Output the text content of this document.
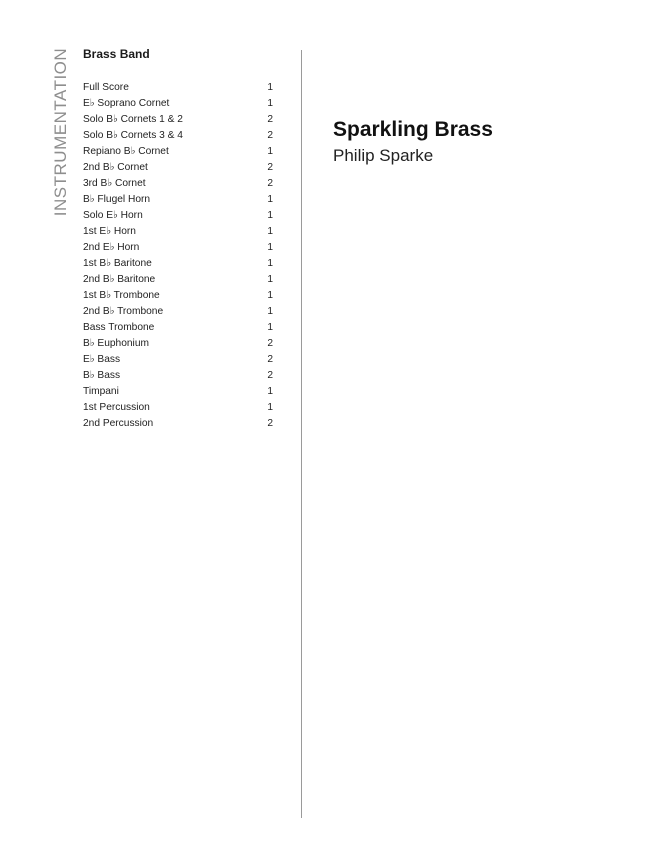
INSTRUMENTATION Brass Band
Full Score	1
E♭ Soprano Cornet	1
Solo B♭ Cornets 1 & 2	2
Solo B♭ Cornets 3 & 4	2
Repiano B♭ Cornet	1
2nd B♭ Cornet	2
3rd B♭ Cornet	2
B♭ Flugel Horn	1
Solo E♭ Horn	1
1st E♭ Horn	1
2nd E♭ Horn	1
1st B♭ Baritone	1
2nd B♭ Baritone	1
1st B♭ Trombone	1
2nd B♭ Trombone	1
Bass Trombone	1
B♭ Euphonium	2
E♭ Bass	2
B♭ Bass	2
Timpani	1
1st Percussion	1
2nd Percussion	2
Sparkling Brass
Philip Sparke
